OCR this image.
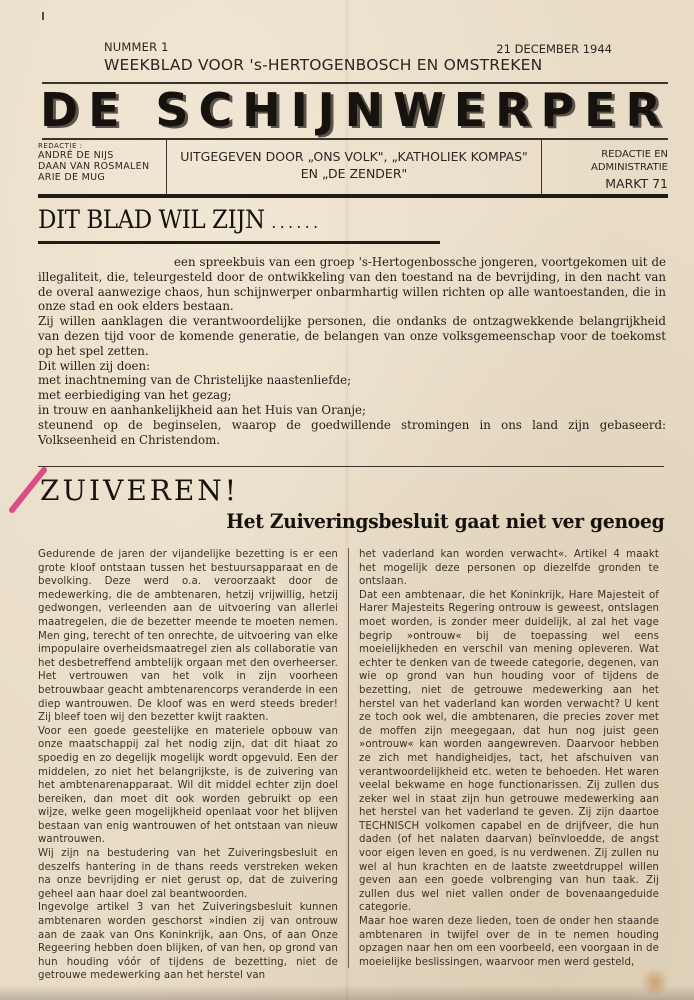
NUMMER 1	21 DECEMBER 1944
WEEKBLAD VOOR 's-HERTOGENBOSCH EN OMSTREKEN
D E
S C H I J N W E R P E R
REDACTIE :
ANDRÉ DE NIJS
DAAN VAN ROSMALEN
ARIE DE MUG
UITGEGEVEN DOOR „ONS VOLK", „KATHOLIEK KOMPAS"
EN „DE ZENDER"
REDACTIE EN
ADMINISTRATIE
MARKT 71
DIT BLAD WIL ZIJN ......

een spreekbuis van een groep 's-Hertogenbossche jongeren, voortgekomen uit de illegaliteit, die, teleurgesteld door de ontwikkeling van den toestand na de bevrijding, in den nacht van de overal aanwezige chaos, hun schijnwerper onbarmhartig willen richten op alle wantoestanden, die in onze stad en ook elders bestaan.

Zij willen aanklagen die verantwoordelijke personen, die ondanks de ontzagwekkende belangrijkheid van dezen tijd voor de komende generatie, de belangen van onze volksgemeenschap voor de toekomst op het spel zetten.

Dit willen zij doen:

met inachtneming van de Christelijke naastenliefde;

met eerbiediging van het gezag;

in trouw en aanhankelijkheid aan het Huis van Oranje;

steunend op de beginselen, waarop de goedwillende stromingen in ons land zijn gebaseerd: Volkseenheid en Christendom.

ZUIVEREN!
Het Zuiveringsbesluit gaat niet ver genoeg

Gedurende de jaren der vijandelijke bezetting is er een grote kloof ontstaan tussen het bestuursapparaat en de bevolking. Deze werd o.a. veroorzaakt door de medewerking, die de ambtenaren, hetzij vrijwillig, hetzij gedwongen, verleenden aan de uitvoering van allerlei maatregelen, die de bezetter meende te moeten nemen. Men ging, terecht of ten onrechte, de uitvoering van elke impopulaire overheidsmaatregel zien als collaboratie van het desbetreffend ambtelijk orgaan met den overheerser. Het vertrouwen van het volk in zijn voorheen betrouwbaar geacht ambtenarencorps veranderde in een diep wantrouwen. De kloof was en werd steeds breder! Zij bleef toen wij den bezetter kwijt raakten.

Voor een goede geestelijke en materiele opbouw van onze maatschappij zal het nodig zijn, dat dit hiaat zo spoedig en zo degelijk mogelijk wordt opgevuld. Een der middelen, zo niet het belangrijkste, is de zuivering van het ambtenarenapparaat. Wil dit middel echter zijn doel bereiken, dan moet dit ook worden gebruikt op een wijze, welke geen mogelijkheid openlaat voor het blijven bestaan van enig wantrouwen of het ontstaan van nieuw wantrouwen.

Wij zijn na bestudering van het Zuiveringsbesluit en deszelfs hantering in de thans reeds verstreken weken na onze bevrijding er niet gerust op, dat de zuivering geheel aan haar doel zal beantwoorden.

Ingevolge artikel 3 van het Zuiveringsbesluit kunnen ambtenaren worden geschorst »indien zij van ontrouw aan de zaak van Ons Koninkrijk, aan Ons, of aan Onze Regeering hebben doen blijken, of van hen, op grond van hun houding vóór of tijdens de bezetting, niet de getrouwe medewerking aan het herstel van

het vaderland kan worden verwacht«. Artikel 4 maakt het mogelijk deze personen op diezelfde gronden te ontslaan.

Dat een ambtenaar, die het Koninkrijk, Hare Majesteit of Harer Majesteits Regering ontrouw is geweest, ontslagen moet worden, is zonder meer duidelijk, al zal het vage begrip »ontrouw« bij de toepassing wel eens moeielijkheden en verschil van mening opleveren. Wat echter te denken van de tweede categorie, degenen, van wie op grond van hun houding voor of tijdens de bezetting, niet de getrouwe medewerking aan het herstel van het vaderland kan worden verwacht? U kent ze toch ook wel, die ambtenaren, die precies zover met de moffen zijn meegegaan, dat hun nog juist geen »ontrouw« kan worden aangewreven. Daarvoor hebben ze zich met handigheidjes, tact, het afschuiven van verantwoordelijkheid etc. weten te behoeden. Het waren veelal bekwame en hoge functionarissen. Zij zullen dus zeker wel in staat zijn hun getrouwe medewerking aan het herstel van het vaderland te geven. Zij zijn daartoe TECHNISCH volkomen capabel en de drijfveer, die hun daden (of het nalaten daarvan) beïnvloedde, de angst voor eigen leven en goed, is nu verdwenen. Zij zullen nu wel al hun krachten en de laatste zweetdruppel willen geven aan een goede volbrenging van hun taak. Zij zullen dus wel niet vallen onder de bovenaangeduide categorie.

Maar hoe waren deze lieden, toen de onder hen staande ambtenaren in twijfel over de in te nemen houding opzagen naar hen om een voorbeeld, een voorgaan in de moeielijke beslissingen, waarvoor men werd gesteld,
